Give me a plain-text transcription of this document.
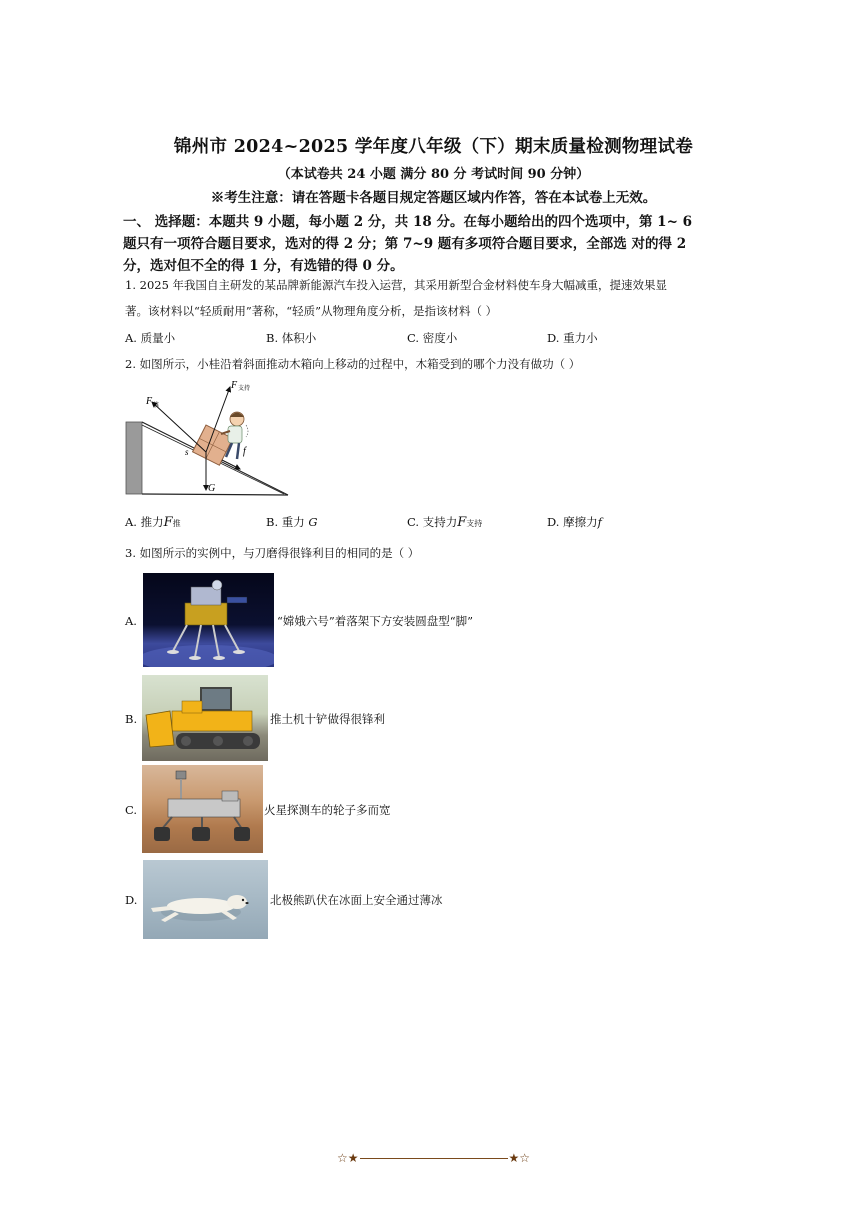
锦州市 2024~2025 学年度八年级（下）期末质量检测物理试卷
（本试卷共 24 小题 满分 80 分 考试时间 90 分钟）
※考生注意：请在答题卡各题目规定答题区域内作答，答在本试卷上无效。
一、 选择题：本题共 9 小题，每小题 2 分，共 18 分。在每小题给出的四个选项中，第 1~ 6
题只有一项符合题目要求，选对的得 2 分；第 7~9 题有多项符合题目要求，全部选 对的得 2
分，选对但不全的得 1 分，有选错的得 0 分。
1. 2025 年我国自主研发的某品牌新能源汽车投入运营，其采用新型合金材料使车身大幅减重，提速效果显
著。该材料以“轻质耐用”著称，“轻质”从物理角度分析，是指该材料（ ）
A. 质量小	B. 体积小	C. 密度小	D. 重力小
2. 如图所示，小桂沿着斜面推动木箱向上移动的过程中，木箱受到的哪个力没有做功（ ）
F 推
F 支持
s	f
G
A. 推力F推	B. 重力 G	C. 支持力F支持	D. 摩擦力f
3. 如图所示的实例中，与刀磨得很锋利目的相同的是（ ）
A.	“嫦娥六号”着落架下方安装圆盘型“脚”
B.	推土机十铲做得很锋利
C.	火星探测车的轮子多而宽
D.	北极熊趴伏在冰面上安全通过薄冰
☆★	★☆
